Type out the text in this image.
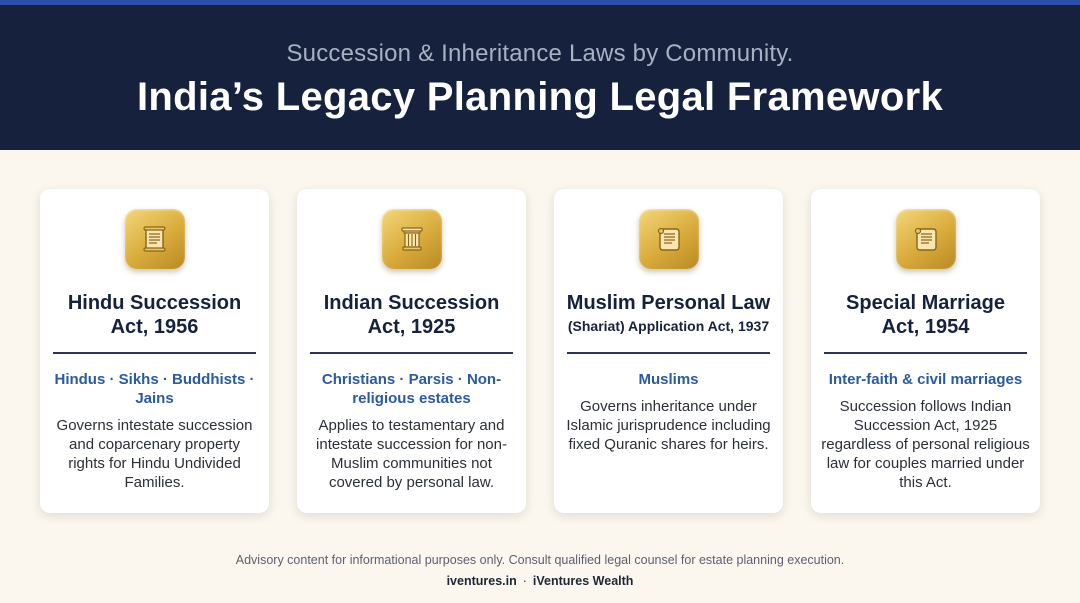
Succession & Inheritance Laws by Community.
India’s Legacy Planning Legal Framework
Hindu Succession
Act, 1956
Hindus · Sikhs · Buddhists · Jains
Governs intestate succession and coparcenary property rights for Hindu Undivided Families.
Indian Succession
Act, 1925
Christians · Parsis · Non-religious estates
Applies to testamentary and intestate succession for non-Muslim communities not covered by personal law.
Muslim Personal Law
(Shariat) Application Act, 1937
Muslims
Governs inheritance under Islamic jurisprudence including fixed Quranic shares for heirs.
Special Marriage
Act, 1954
Inter-faith & civil marriages
Succession follows Indian Succession Act, 1925 regardless of personal religious law for couples married under this Act.
Advisory content for informational purposes only. Consult qualified legal counsel for estate planning execution.
iventures.in · iVentures Wealth
